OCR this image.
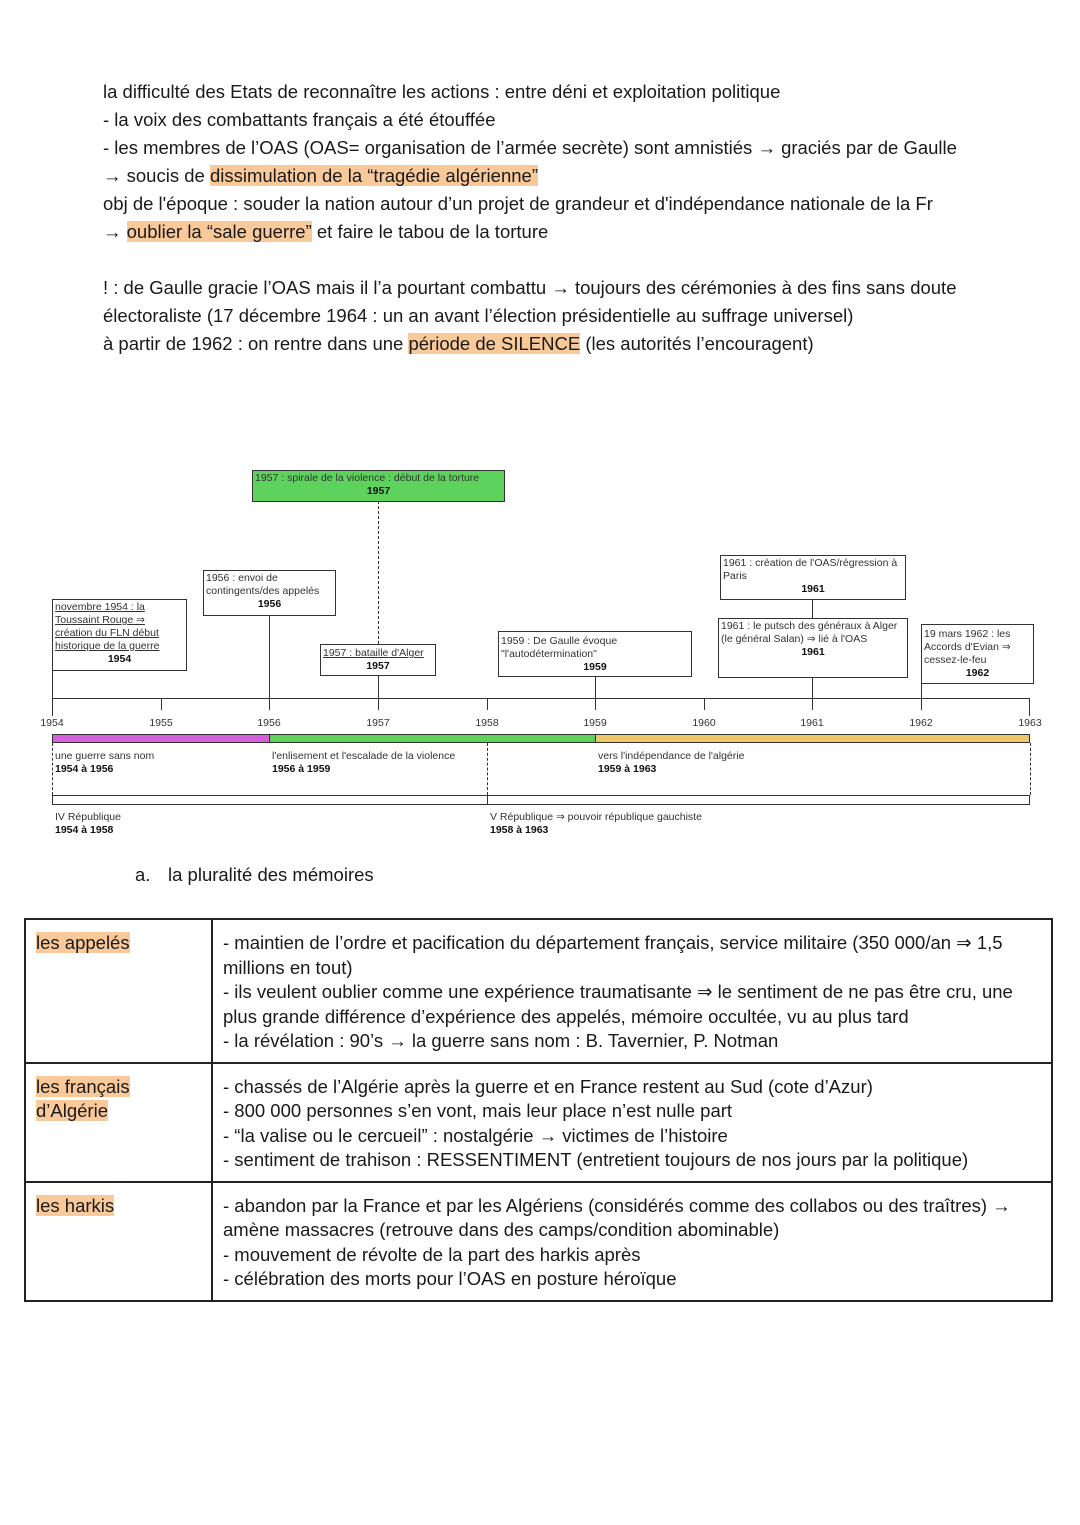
la difficulté des Etats de reconnaître les actions : entre déni et exploitation politique

- la voix des combattants français a été étouffée

- les membres de l’OAS (OAS= organisation de l’armée secrète) sont amnistiés → graciés par de Gaulle

→ soucis de dissimulation de la “tragédie algérienne”

obj de l'époque : souder la nation autour d’un projet de grandeur et d'indépendance nationale de la Fr

→ oublier la “sale guerre” et faire le tabou de la torture

! : de Gaulle gracie l’OAS mais il l’a pourtant combattu → toujours des cérémonies à des fins sans doute

électoraliste (17 décembre 1964 : un an avant l’élection présidentielle au suffrage universel)

à partir de 1962 : on rentre dans une période de SILENCE (les autorités l’encouragent)

1957 : spirale de la violence : début de la torture
1957
novembre 1954 : la Toussaint Rouge ⇒ création du FLN début historique de la guerre
1954
1956 : envoi de contingents/des appelés
1956
1957 : bataille d'Alger
1957
1959 : De Gaulle évoque "l'autodétermination"
1959
1961 : création de l'OAS/régression à Paris
1961
1961 : le putsch des généraux à Alger (le général Salan) ⇒ lié à l'OAS
1961
19 mars 1962 : les Accords d'Evian ⇒ cessez-le-feu
1962
1954	1955	1956	1957	1958	1959	1960	1961	1962	1963
une guerre sans nom
1954 à 1956
l'enlisement et l'escalade de la violence
1956 à 1959
vers l'indépendance de l'algérie
1959 à 1963
IV République
1954 à 1958
V République ⇒ pouvoir république gauchiste
1958 à 1963
a. la pluralité des mémoires
les appelés	- maintien de l’ordre et pacification du département français, service militaire (350 000/an ⇒ 1,5 millions en tout)
- ils veulent oublier comme une expérience traumatisante ⇒ le sentiment de ne pas être cru, une plus grande différence d’expérience des appelés, mémoire occultée, vu au plus tard
- la révélation : 90’s → la guerre sans nom : B. Tavernier, P. Notman

les français d’Algérie	- chassés de l’Algérie après la guerre et en France restent au Sud (cote d’Azur)
- 800 000 personnes s’en vont, mais leur place n’est nulle part
- “la valise ou le cercueil” : nostalgérie → victimes de l’histoire
- sentiment de trahison : RESSENTIMENT (entretient toujours de nos jours par la politique)

les harkis	- abandon par la France et par les Algériens (considérés comme des collabos ou des traîtres) → amène massacres (retrouve dans des camps/condition abominable)
- mouvement de révolte de la part des harkis après
- célébration des morts pour l’OAS en posture héroïque
